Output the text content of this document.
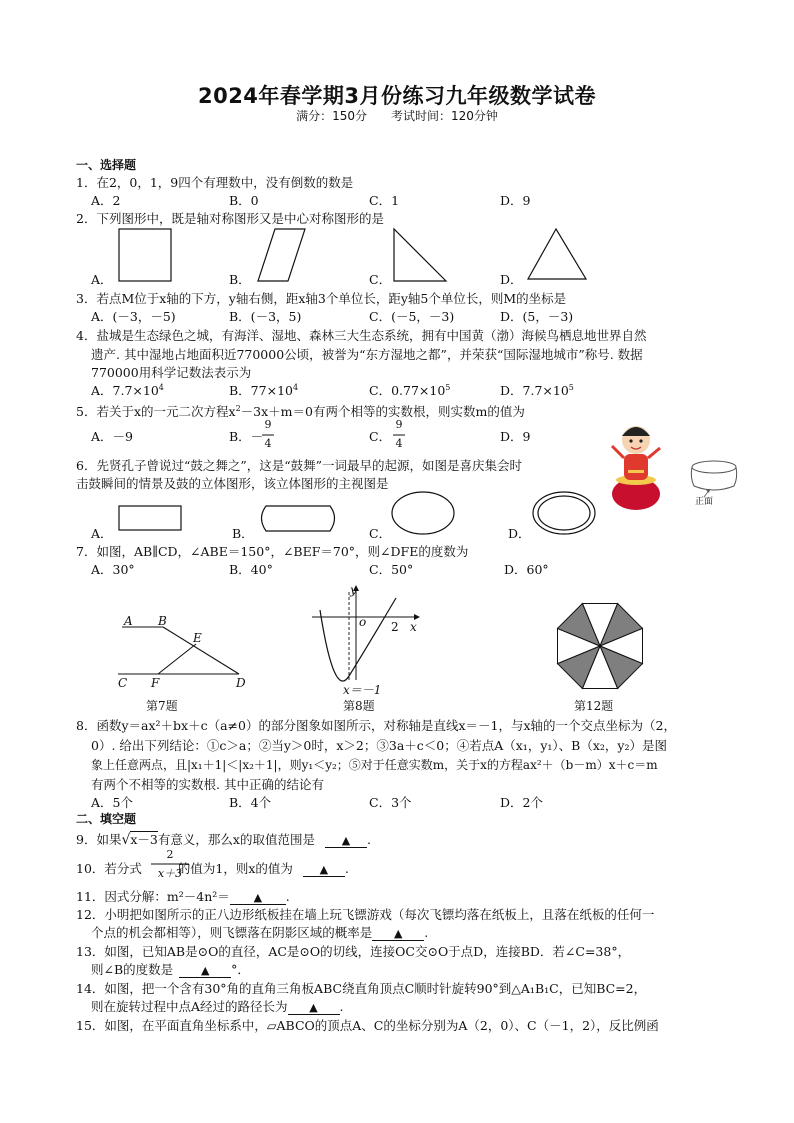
2024年春学期3月份练习九年级数学试卷
满分：150分　　考试时间：120分钟
一、选择题
1．在2，0，1，9四个有理数中，没有倒数的数是
A．2	B．0	C．1	D．9
2．下列图形中，既是轴对称图形又是中心对称图形的是
A．	B．	C．	D．
3．若点M位于x轴的下方，y轴右侧，距x轴3个单位长，距y轴5个单位长，则M的坐标是
A．(－3，－5)	B．(－3，5)	C．(－5，－3)	D．(5，－3)
4．盐城是生态绿色之城，有海洋、湿地、森林三大生态系统，拥有中国黄（渤）海候鸟栖息地世界自然
遗产. 其中湿地占地面积近770000公顷，被誉为“东方湿地之都”，并荣获“国际湿地城市”称号. 数据
770000用科学记数法表示为
A．$7.7\times 10^4$	B．$77\times 10^4$	C．$0.77\times 10^5$	D．$7.7\times 10^5$
5．若关于x的一元二次方程$x^2-3x+m=0$有两个相等的实数根，则实数m的值为
A．－9	B．－
9
4	C．
9
4	D．9
6．先贤孔子曾说过“鼓之舞之”，这是“鼓舞”一词最早的起源，如图是喜庆集会时
击鼓瞬间的情景及鼓的立体图形，该立体图形的主视图是
A．	B．	C．	D．
正面
7．如图，AB∥CD，∠ABE＝150°，∠BEF＝70°，则∠DFE的度数为
A．30°	B．40°	C．50°	D．60°
A B
E
C F	D
第7题
y
x
o 2
x＝－1
第8题	第12题
8．函数y＝ax²＋bx＋c（a≠0）的部分图象如图所示，对称轴是直线x＝－1，与x轴的一个交点坐标为（2，
0）. 给出下列结论：①c＞a；②当y＞0时，x＞2；③3a＋c＜0；④若点A（x₁，y₁）、B（x₂，y₂）是图
象上任意两点，且|x₁＋1|＜|x₂＋1|，则y₁＜y₂；⑤对于任意实数m，关于x的方程ax²＋（b－m）x＋c＝m
有两个不相等的实数根. 其中正确的结论有
A．5个	B．4个	C．3个	D．2个
二、填空题
9．如果√x－3有意义，那么x的取值范围是 ▲ .
10．若分式	的值为1，则x的值为 ▲ .
2
x＋3
11．因式分解：m²－4n²＝ ▲ .
12．小明把如图所示的正八边形纸板挂在墙上玩飞镖游戏（每次飞镖均落在纸板上，且落在纸板的任何一
个点的机会都相等），则飞镖落在阴影区域的概率是 ▲ .
13．如图，已知AB是⊙O的直径，AC是⊙O的切线，连接OC交⊙O于点D，连接BD．若∠C=38°，
则∠B的度数是	▲ °．
14．如图，把一个含有30°角的直角三角板ABC绕直角顶点C顺时针旋转90°到△A₁B₁C，已知BC=2，
则在旋转过程中点A经过的路径长为 ▲ .
15．如图，在平面直角坐标系中，▱ABCO的顶点A、C的坐标分别为A（2，0）、C（－1，2），反比例函
